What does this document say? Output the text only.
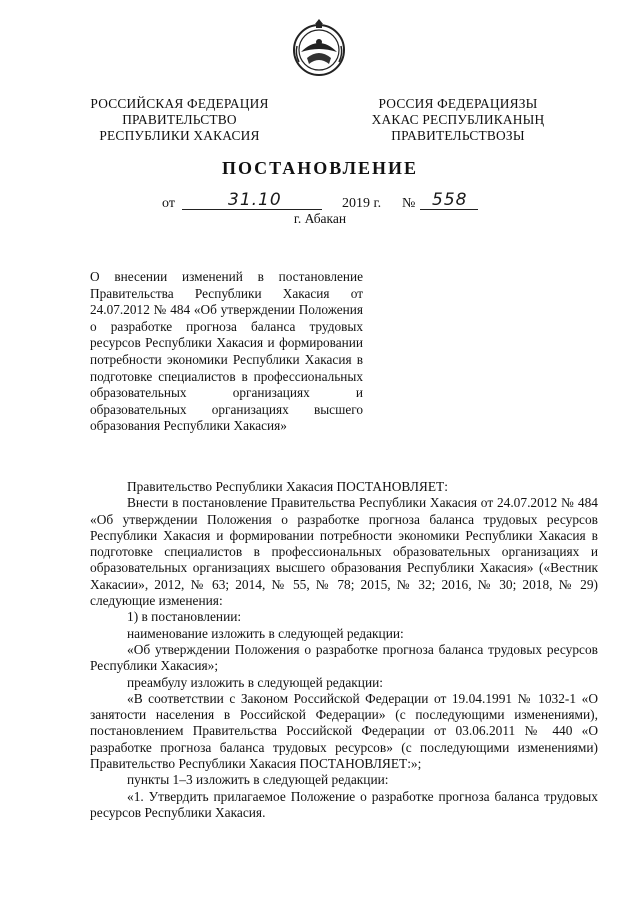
РОССИЙСКАЯ ФЕДЕРАЦИЯ
ПРАВИТЕЛЬСТВО
РЕСПУБЛИКИ ХАКАСИЯ
РОССИЯ ФЕДЕРАЦИЯЗЫ
ХАКАС РЕСПУБЛИКАНЫҢ
ПРАВИТЕЛЬСТВОЗЫ
ПОСТАНОВЛЕНИЕ
от	31.10	2019 г. № 558
г. Абакан
О внесении изменений в постановление Правительства Республики Хакасия от 24.07.2012 № 484 «Об утверждении Положения о разработке прогноза баланса трудовых ресурсов Республики Хакасия и формировании потребности экономики Республики Хакасия в подготовке специалистов в профессиональных образовательных организациях и образовательных организациях высшего образования Республики Хакасия»

Правительство Республики Хакасия ПОСТАНОВЛЯЕТ:

Внести в постановление Правительства Республики Хакасия от 24.07.2012 № 484 «Об утверждении Положения о разработке прогноза баланса трудовых ресурсов Республики Хакасия и формировании потребности экономики Республики Хакасия в подготовке специалистов в профессиональных образовательных организациях и образовательных организациях высшего образования Республики Хакасия» («Вестник Хакасии», 2012, № 63; 2014, № 55, № 78; 2015, № 32; 2016, № 30; 2018, № 29) следующие изменения:

1) в постановлении:

наименование изложить в следующей редакции:

«Об утверждении Положения о разработке прогноза баланса трудовых ресурсов Республики Хакасия»;

преамбулу изложить в следующей редакции:

«В соответствии с Законом Российской Федерации от 19.04.1991 № 1032-1 «О занятости населения в Российской Федерации» (с последующими изменениями), постановлением Правительства Российской Федерации от 03.06.2011 № 440 «О разработке прогноза баланса трудовых ресурсов» (с последующими изменениями) Правительство Республики Хакасия ПОСТАНОВЛЯЕТ:»;

пункты 1–3 изложить в следующей редакции:

«1. Утвердить прилагаемое Положение о разработке прогноза баланса трудовых ресурсов Республики Хакасия.
